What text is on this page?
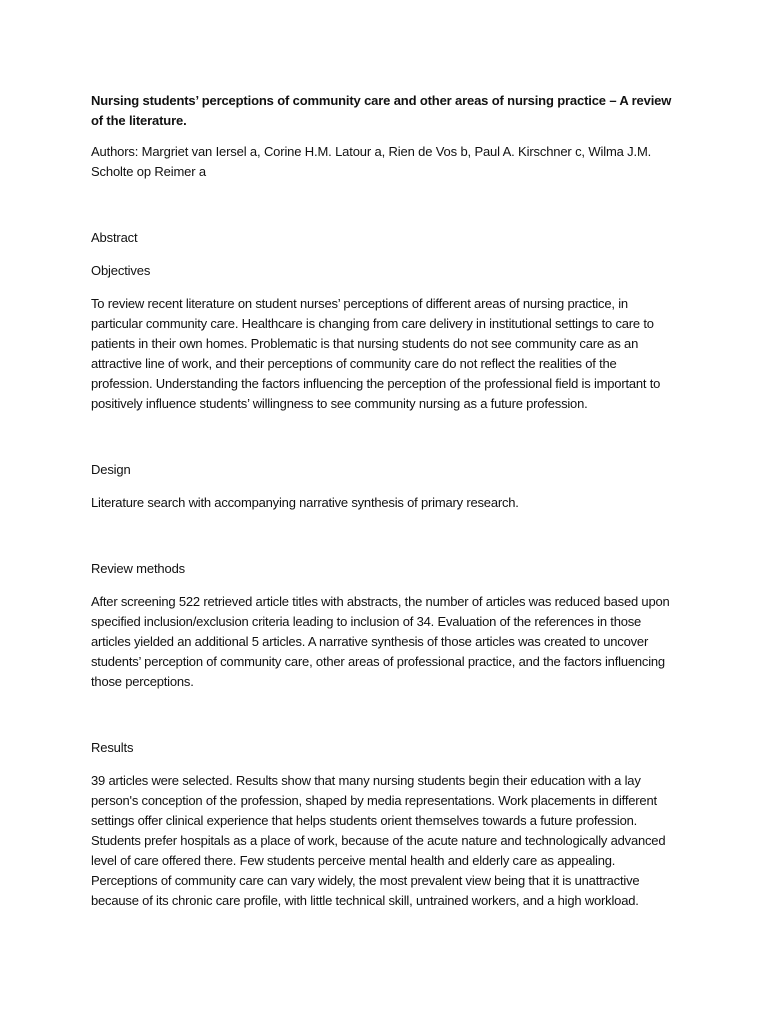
Nursing students’ perceptions of community care and other areas of nursing practice – A review of the literature.

Authors: Margriet van Iersel a, Corine H.M. Latour a, Rien de Vos b, Paul A. Kirschner c, Wilma J.M. Scholte op Reimer a

Abstract

Objectives

To review recent literature on student nurses’ perceptions of different areas of nursing practice, in particular community care. Healthcare is changing from care delivery in institutional settings to care to patients in their own homes. Problematic is that nursing students do not see community care as an attractive line of work, and their perceptions of community care do not reflect the realities of the profession. Understanding the factors influencing the perception of the professional field is important to positively influence students’ willingness to see community nursing as a future profession.

Design

Literature search with accompanying narrative synthesis of primary research.

Review methods

After screening 522 retrieved article titles with abstracts, the number of articles was reduced based upon specified inclusion/exclusion criteria leading to inclusion of 34. Evaluation of the references in those articles yielded an additional 5 articles. A narrative synthesis of those articles was created to uncover students’ perception of community care, other areas of professional practice, and the factors influencing those perceptions.

Results

39 articles were selected. Results show that many nursing students begin their education with a lay person's conception of the profession, shaped by media representations. Work placements in different settings offer clinical experience that helps students orient themselves towards a future profession. Students prefer hospitals as a place of work, because of the acute nature and technologically advanced level of care offered there. Few students perceive mental health and elderly care as appealing. Perceptions of community care can vary widely, the most prevalent view being that it is unattractive because of its chronic care profile, with little technical skill, untrained workers, and a high workload.
